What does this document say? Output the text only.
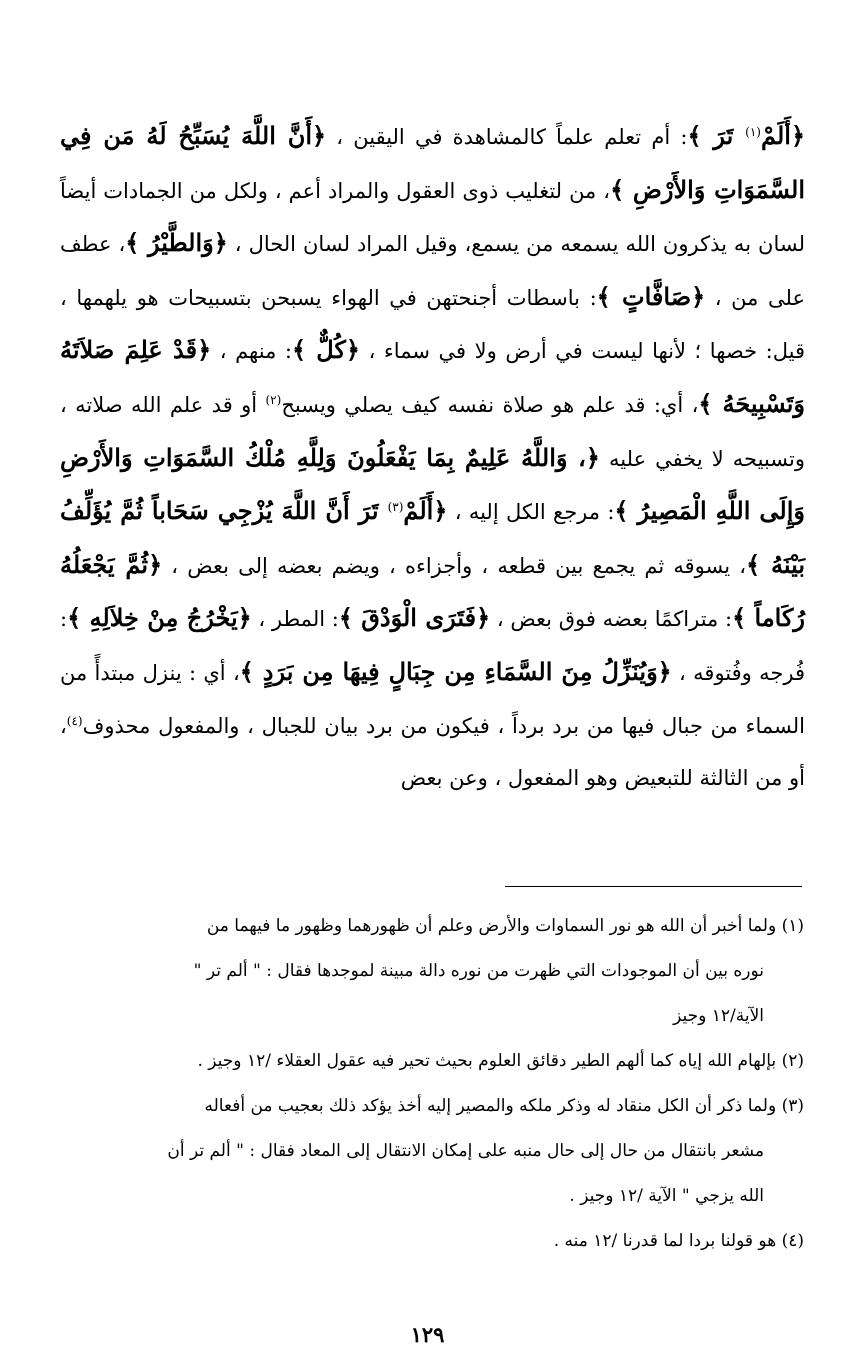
﴿أَلَمْ$^{(١)}$ تَرَ ﴾: أم تعلم علماً كالمشاهدة في اليقين ، ﴿أَنَّ اللَّهَ يُسَبِّحُ لَهُ مَن فِي السَّمَوَاتِ وَالأَرْضِ ﴾، من لتغليب ذوى العقول والمراد أعم ، ولكل من الجمادات أيضاً لسان به يذكرون الله يسمعه من يسمع، وقيل المراد لسان الحال ، ﴿وَالطَّيْرُ ﴾، عطف على من ، ﴿صَافَّاتٍ ﴾: باسطات أجنحتهن في الهواء يسبحن بتسبيحات هو يلهمها ، قيل: خصها ؛ لأنها ليست في أرض ولا في سماء ، ﴿كُلٌّ ﴾: منهم ، ﴿قَدْ عَلِمَ صَلاَتَهُ وَتَسْبِيحَهُ ﴾، أي: قد علم هو صلاة نفسه كيف يصلي ويسبح$^{(٢)}$ أو قد علم الله صلاته ، وتسبيحه لا يخفي عليه ﴿، وَاللَّهُ عَلِيمٌ بِمَا يَفْعَلُونَ وَلِلَّهِ مُلْكُ السَّمَوَاتِ وَالأَرْضِ وَإِلَى اللَّهِ الْمَصِيرُ ﴾: مرجع الكل إليه ، ﴿أَلَمْ$^{(٣)}$ تَرَ أَنَّ اللَّهَ يُزْجِي سَحَاباً ثُمَّ يُؤَلِّفُ بَيْنَهُ ﴾، يسوقه ثم يجمع بين قطعه ، وأجزاءه ، ويضم بعضه إلى بعض ، ﴿ثُمَّ يَجْعَلُهُ رُكَاماً ﴾: متراكمًا بعضه فوق بعض ، ﴿فَتَرَى الْوَدْقَ ﴾: المطر ، ﴿يَخْرُجُ مِنْ خِلاَلِهِ ﴾: فُرجه وفُتوقه ، ﴿وَيُنَزِّلُ مِنَ السَّمَاءِ مِن جِبَالٍ فِيهَا مِن بَرَدٍ ﴾، أي : ينزل مبتدأً من السماء من جبال فيها من برد برداً ، فيكون من برد بيان للجبال ، والمفعول محذوف$^{(٤)}$، أو من الثالثة للتبعيض وهو المفعول ، وعن بعض

(١) ولما أخبر أن الله هو نور السماوات والأرض وعلم أن ظهورهما وظهور ما فيهما من
نوره بين أن الموجودات التي ظهرت من نوره دالة مبينة لموجدها فقال : " ألم تر "
الآية/١٢ وجيز
(٢) بإلهام الله إياه كما ألهم الطير دقائق العلوم بحيث تحير فيه عقول العقلاء /١٢ وجيز .
(٣) ولما ذكر أن الكل منقاد له وذكر ملكه والمصير إليه أخذ يؤكد ذلك بعجيب من أفعاله
مشعر بانتقال من حال إلى حال منبه على إمكان الانتقال إلى المعاد فقال : " ألم تر أن
الله يزجي " الآية /١٢ وجيز .
(٤) هو قولنا بردا لما قدرنا /١٢ منه .
١٢٩
